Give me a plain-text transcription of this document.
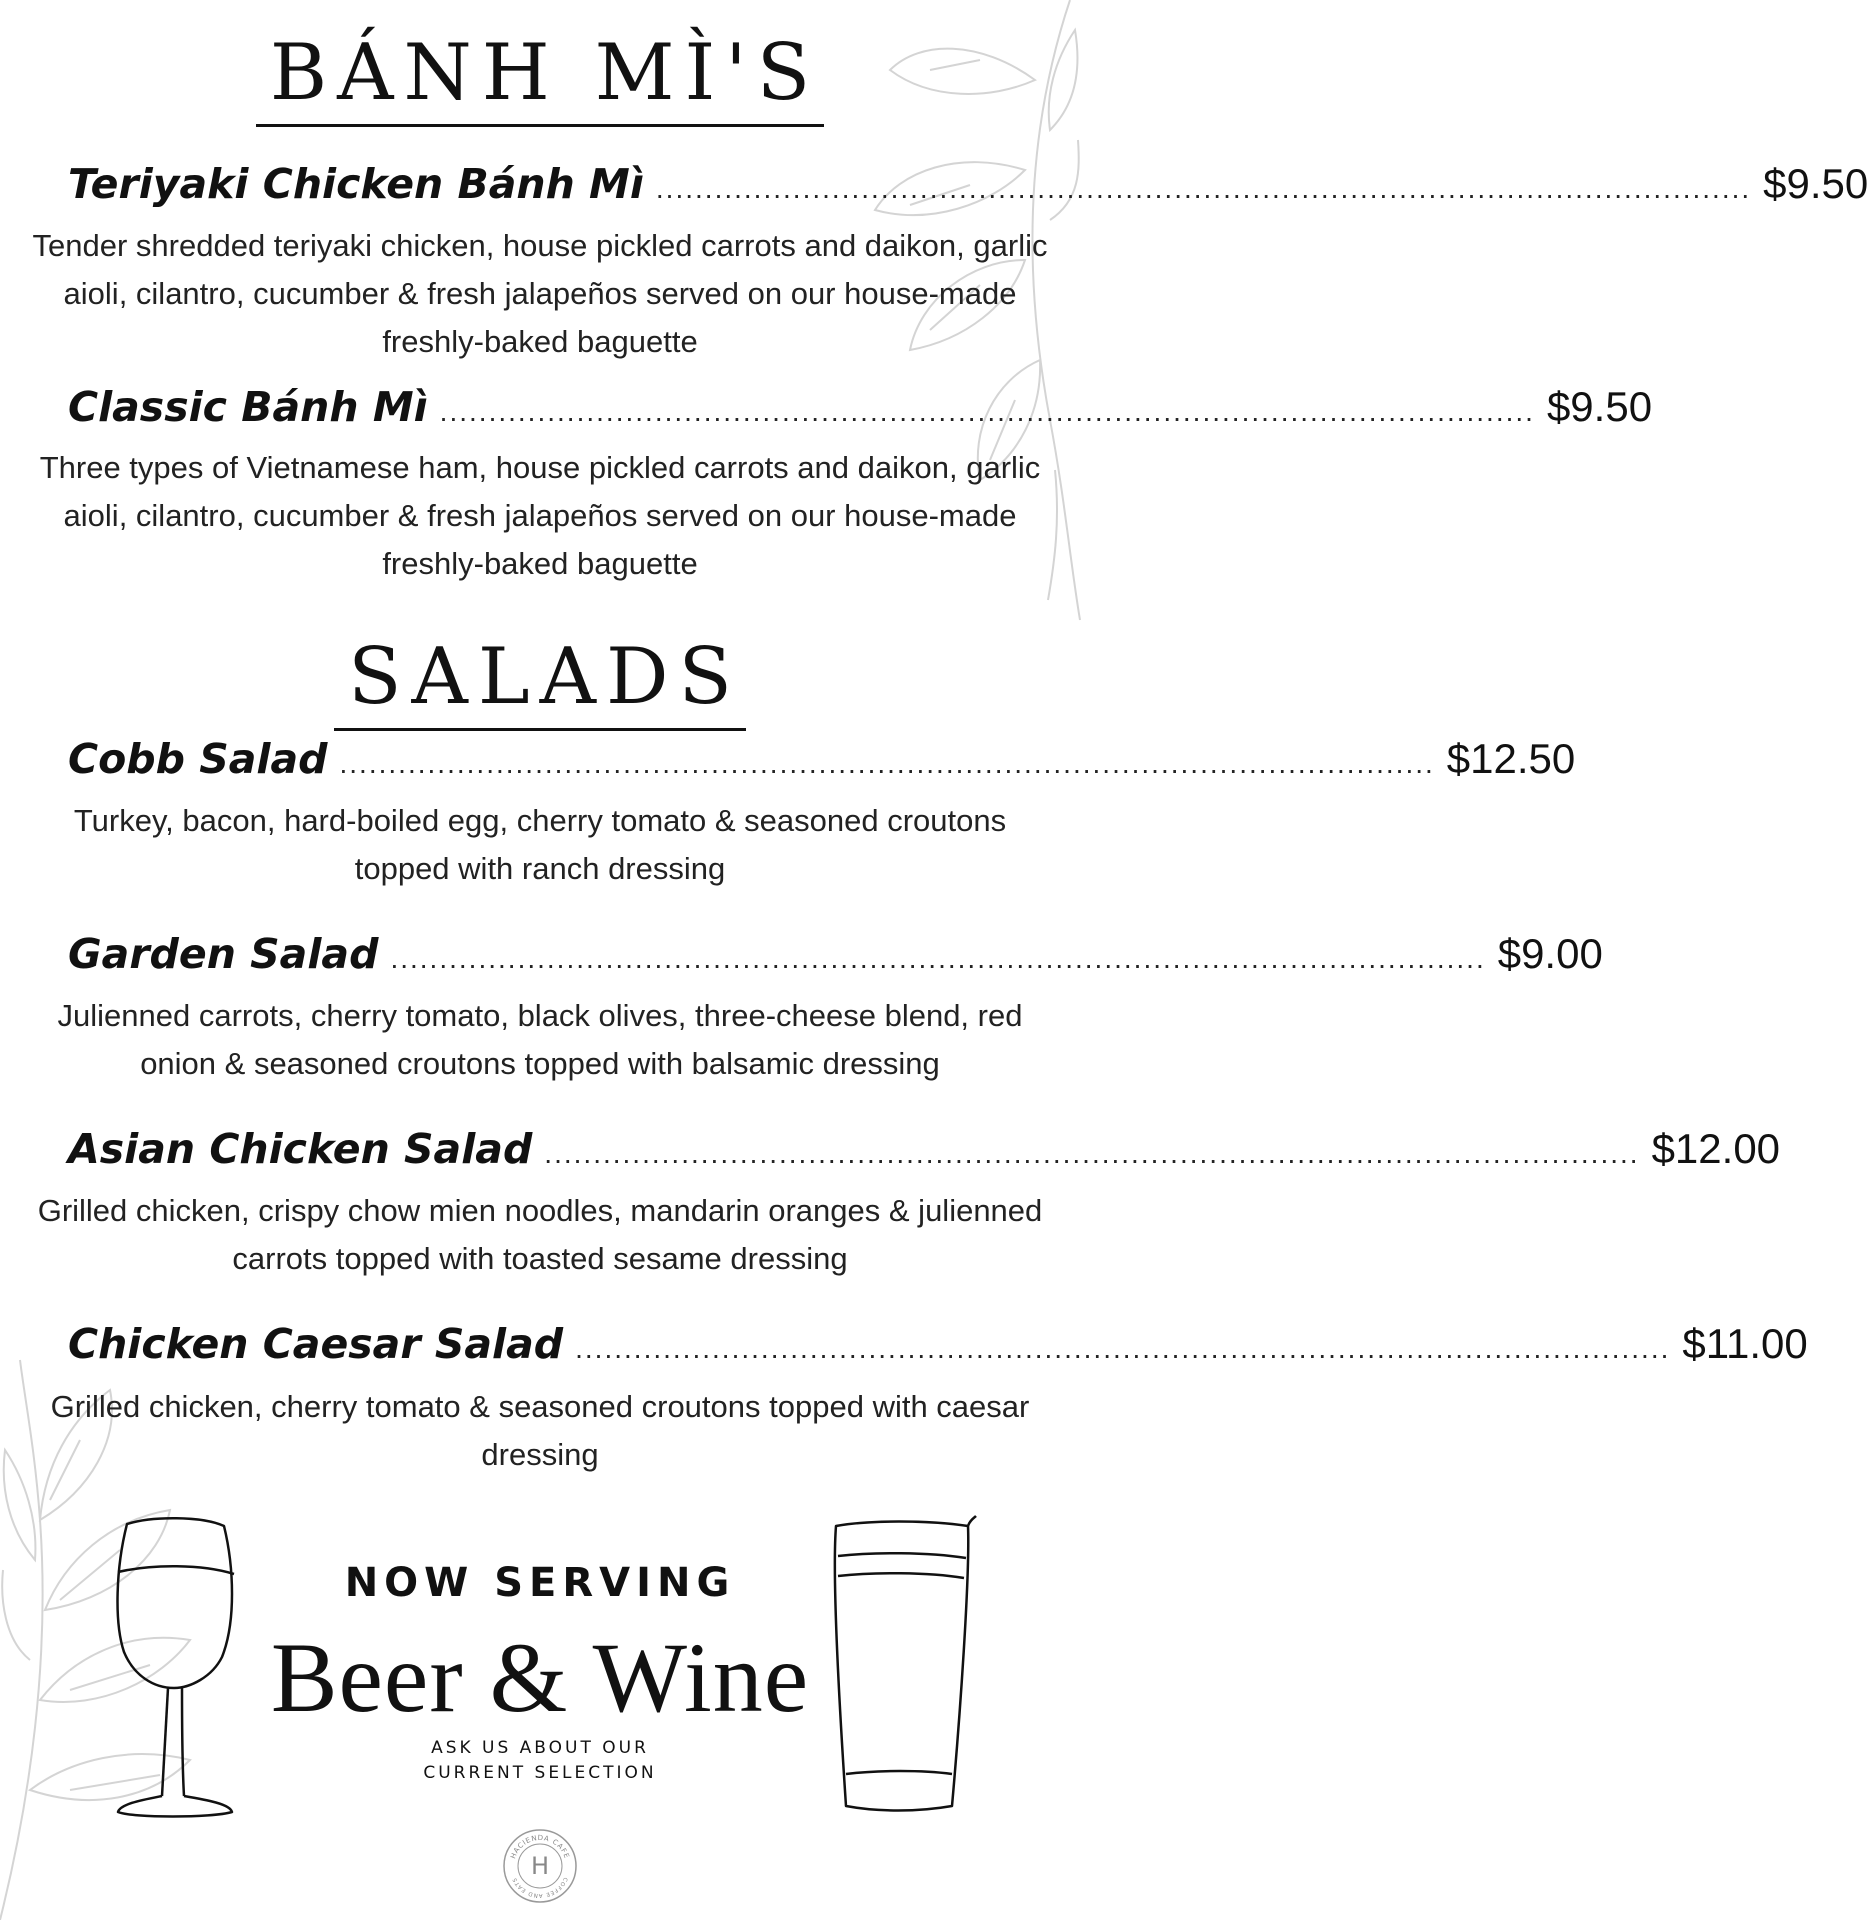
BÁNH MÌ'S
Teriyaki Chicken Bánh Mì ................................................................................................................ $9.50
Tender shredded teriyaki chicken, house pickled carrots and daikon, garlic aioli, cilantro, cucumber & fresh jalapeños served on our house-made freshly-baked baguette
Classic Bánh Mì ................................................................................................................ $9.50
Three types of Vietnamese ham, house pickled carrots and daikon, garlic aioli, cilantro, cucumber & fresh jalapeños served on our house-made freshly-baked baguette
SALADS
Cobb Salad ................................................................................................................ $12.50
Turkey, bacon, hard-boiled egg, cherry tomato & seasoned croutons topped with ranch dressing
Garden Salad ................................................................................................................ $9.00
Julienned carrots, cherry tomato, black olives, three-cheese blend, red onion & seasoned croutons topped with balsamic dressing
Asian Chicken Salad ................................................................................................................ $12.00
Grilled chicken, crispy chow mien noodles, mandarin oranges & julienned carrots topped with toasted sesame dressing
Chicken Caesar Salad ................................................................................................................ $11.00
Grilled chicken, cherry tomato & seasoned croutons topped with caesar dressing
NOW SERVING
Beer & Wine
ASK US ABOUT OUR
CURRENT SELECTION
HACIENDA CAFE
COFFEE AND EATS H
